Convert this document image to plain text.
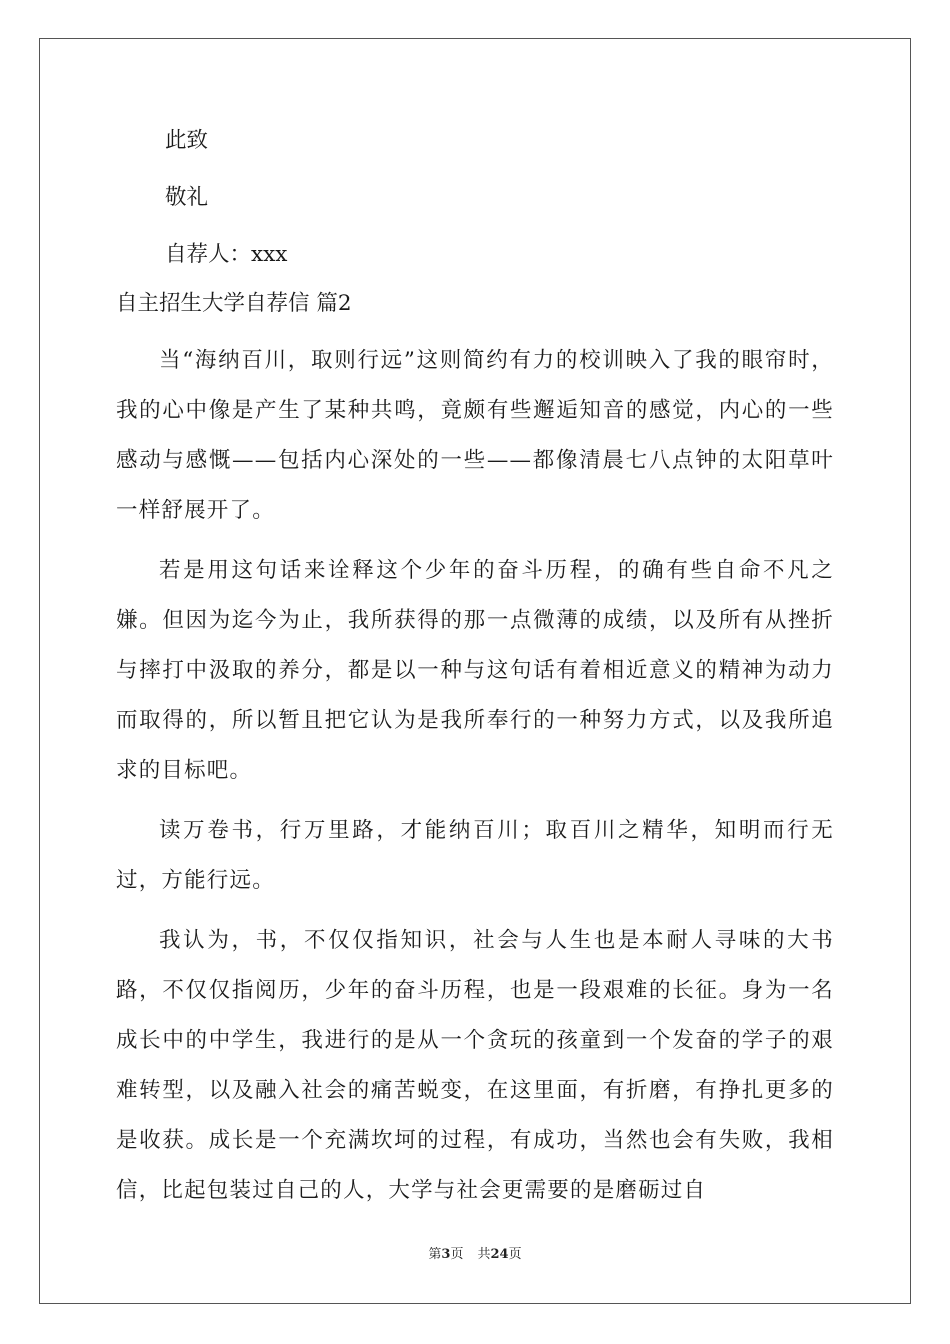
此致

敬礼

自荐人：xxx

自主招生大学自荐信 篇2

当“海纳百川，取则行远”这则简约有力的校训映入了我的眼帘时，我的心中像是产生了某种共鸣，竟颇有些邂逅知音的感觉，内心的一些感动与感慨——包括内心深处的一些——都像清晨七八点钟的太阳草叶一样舒展开了。

若是用这句话来诠释这个少年的奋斗历程，的确有些自命不凡之嫌。但因为迄今为止，我所获得的那一点微薄的成绩，以及所有从挫折与摔打中汲取的养分，都是以一种与这句话有着相近意义的精神为动力而取得的，所以暂且把它认为是我所奉行的一种努力方式，以及我所追求的目标吧。

读万卷书，行万里路，才能纳百川；取百川之精华，知明而行无过，方能行远。

我认为，书，不仅仅指知识，社会与人生也是本耐人寻味的大书路，不仅仅指阅历，少年的奋斗历程，也是一段艰难的长征。身为一名成长中的中学生，我进行的是从一个贪玩的孩童到一个发奋的学子的艰难转型，以及融入社会的痛苦蜕变，在这里面，有折磨，有挣扎更多的是收获。成长是一个充满坎坷的过程，有成功，当然也会有失败，我相信，比起包装过自己的人，大学与社会更需要的是磨砺过自

第3页 共24页
